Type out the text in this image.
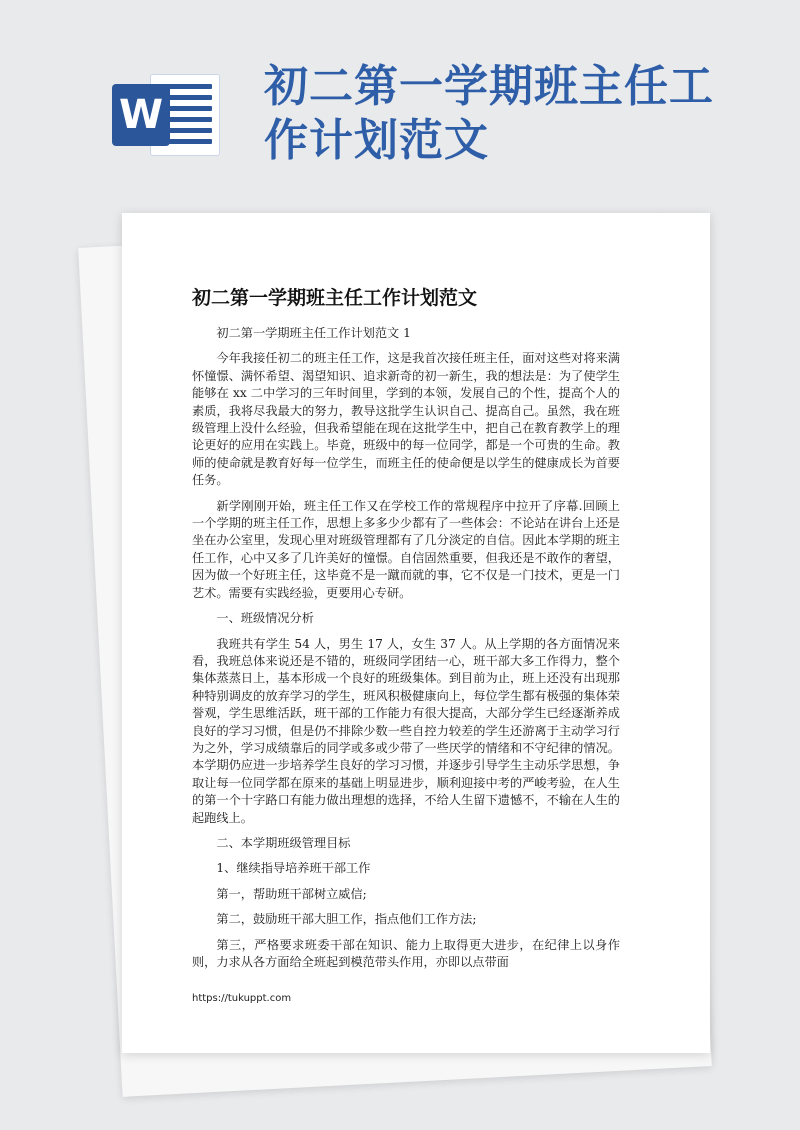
W
初二第一学期班主任工作计划范文
初二第一学期班主任工作计划范文

初二第一学期班主任工作计划范文 1

今年我接任初二的班主任工作，这是我首次接任班主任，面对这些对将来满怀憧憬、满怀希望、渴望知识、追求新奇的初一新生，我的想法是：为了使学生能够在 xx 二中学习的三年时间里，学到的本领，发展自己的个性，提高个人的素质，我将尽我最大的努力，教导这批学生认识自己、提高自己。虽然，我在班级管理上没什么经验，但我希望能在现在这批学生中，把自己在教育教学上的理论更好的应用在实践上。毕竟，班级中的每一位同学，都是一个可贵的生命。教师的使命就是教育好每一位学生，而班主任的使命便是以学生的健康成长为首要任务。

新学刚刚开始，班主任工作又在学校工作的常规程序中拉开了序幕.回顾上一个学期的班主任工作，思想上多多少少都有了一些体会：不论站在讲台上还是坐在办公室里，发现心里对班级管理都有了几分淡定的自信。因此本学期的班主任工作，心中又多了几许美好的憧憬。自信固然重要，但我还是不敢作的奢望，因为做一个好班主任，这毕竟不是一蹴而就的事，它不仅是一门技术，更是一门艺术。需要有实践经验，更要用心专研。

一、班级情况分析

我班共有学生 54 人，男生 17 人，女生 37 人。从上学期的各方面情况来看，我班总体来说还是不错的，班级同学团结一心，班干部大多工作得力，整个集体蒸蒸日上，基本形成一个良好的班级集体。到目前为止，班上还没有出现那种特别调皮的放弃学习的学生，班风积极健康向上，每位学生都有极强的集体荣誉观，学生思维活跃，班干部的工作能力有很大提高，大部分学生已经逐渐养成良好的学习习惯，但是仍不排除少数一些自控力较差的学生还游离于主动学习行为之外，学习成绩靠后的同学或多或少带了一些厌学的情绪和不守纪律的情况。本学期仍应进一步培养学生良好的学习习惯，并逐步引导学生主动乐学思想，争取让每一位同学都在原来的基础上明显进步，顺利迎接中考的严峻考验，在人生的第一个十字路口有能力做出理想的选择，不给人生留下遗憾不，不输在人生的起跑线上。

二、本学期班级管理目标

1、继续指导培养班干部工作

第一，帮助班干部树立威信;

第二，鼓励班干部大胆工作，指点他们工作方法;

第三，严格要求班委干部在知识、能力上取得更大进步，在纪律上以身作则，力求从各方面给全班起到模范带头作用，亦即以点带面

https://tukuppt.com
